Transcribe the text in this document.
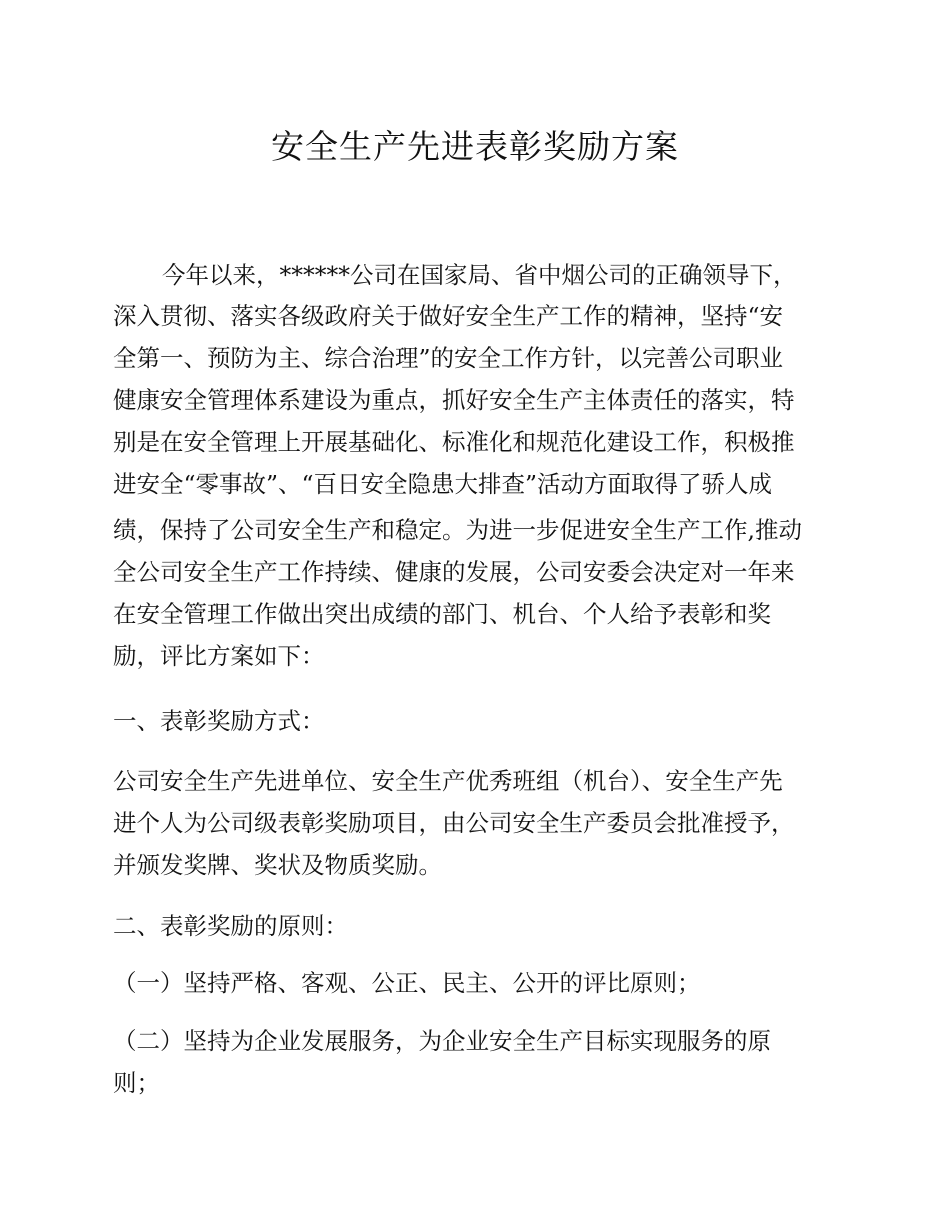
安全生产先进表彰奖励方案

今年以来，******公司在国家局、省中烟公司的正确领导下，

深入贯彻、落实各级政府关于做好安全生产工作的精神，坚持“安

全第一、预防为主、综合治理”的安全工作方针，以完善公司职业

健康安全管理体系建设为重点，抓好安全生产主体责任的落实，特

别是在安全管理上开展基础化、标准化和规范化建设工作，积极推

进安全“零事故”、“百日安全隐患大排查”活动方面取得了骄人成

绩，保持了公司安全生产和稳定。为进一步促进安全生产工作,推动

全公司安全生产工作持续、健康的发展，公司安委会决定对一年来

在安全管理工作做出突出成绩的部门、机台、个人给予表彰和奖

励，评比方案如下：

一、表彰奖励方式：

公司安全生产先进单位、安全生产优秀班组（机台）、安全生产先

进个人为公司级表彰奖励项目，由公司安全生产委员会批准授予，

并颁发奖牌、奖状及物质奖励。

二、表彰奖励的原则：

（一）坚持严格、客观、公正、民主、公开的评比原则；

（二）坚持为企业发展服务，为企业安全生产目标实现服务的原

则；
